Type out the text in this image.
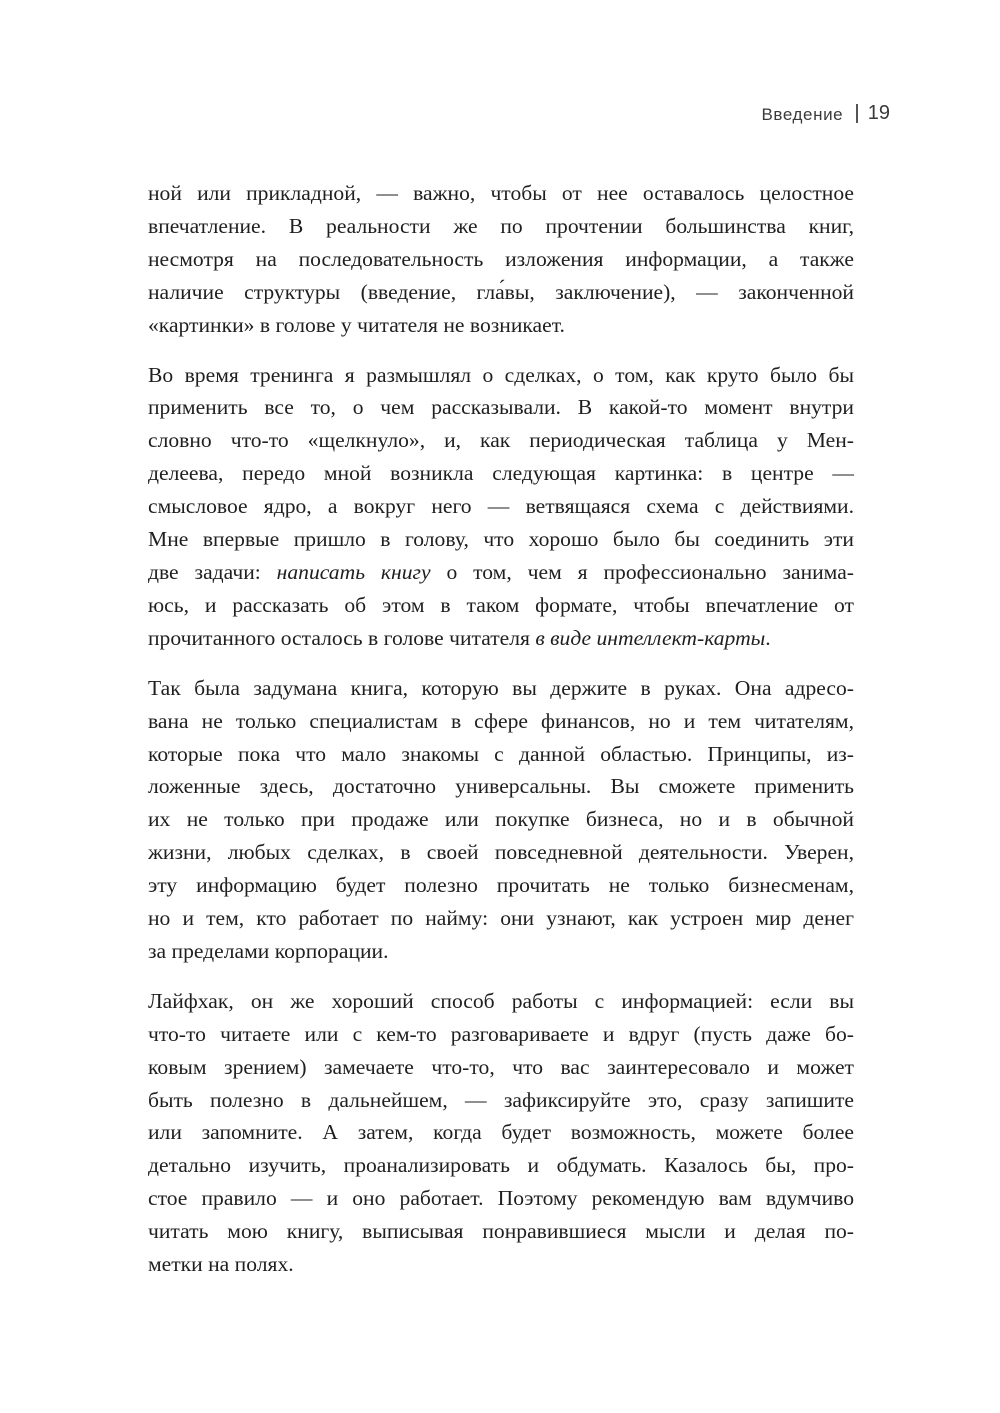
Введение 19

ной или прикладной, — важно, чтобы от нее оставалось целостное
впечатление. В реальности же по прочтении большинства книг,
несмотря на последовательность изложения информации, а также
наличие структуры (введение, гла́вы, заключение), — законченной
«картинки» в голове у читателя не возникает.

Во время тренинга я размышлял о сделках, о том, как круто было бы
применить все то, о чем рассказывали. В какой-то момент внутри
словно что-то «щелкнуло», и, как периодическая таблица у Мен-
делеева, передо мной возникла следующая картинка: в центре —
смысловое ядро, а вокруг него — ветвящаяся схема с действиями.
Мне впервые пришло в голову, что хорошо было бы соединить эти
две задачи: написать книгу о том, чем я профессионально занима-
юсь, и рассказать об этом в таком формате, чтобы впечатление от
прочитанного осталось в голове читателя в виде интеллект-карты.

Так была задумана книга, которую вы держите в руках. Она адресо-
вана не только специалистам в сфере финансов, но и тем читателям,
которые пока что мало знакомы с данной областью. Принципы, из-
ложенные здесь, достаточно универсальны. Вы сможете применить
их не только при продаже или покупке бизнеса, но и в обычной
жизни, любых сделках, в своей повседневной деятельности. Уверен,
эту информацию будет полезно прочитать не только бизнесменам,
но и тем, кто работает по найму: они узнают, как устроен мир денег
за пределами корпорации.

Лайфхак, он же хороший способ работы с информацией: если вы
что-то читаете или с кем-то разговариваете и вдруг (пусть даже бо-
ковым зрением) замечаете что-то, что вас заинтересовало и может
быть полезно в дальнейшем, — зафиксируйте это, сразу запишите
или запомните. А затем, когда будет возможность, можете более
детально изучить, проанализировать и обдумать. Казалось бы, про-
стое правило — и оно работает. Поэтому рекомендую вам вдумчиво
читать мою книгу, выписывая понравившиеся мысли и делая по-
метки на полях.
